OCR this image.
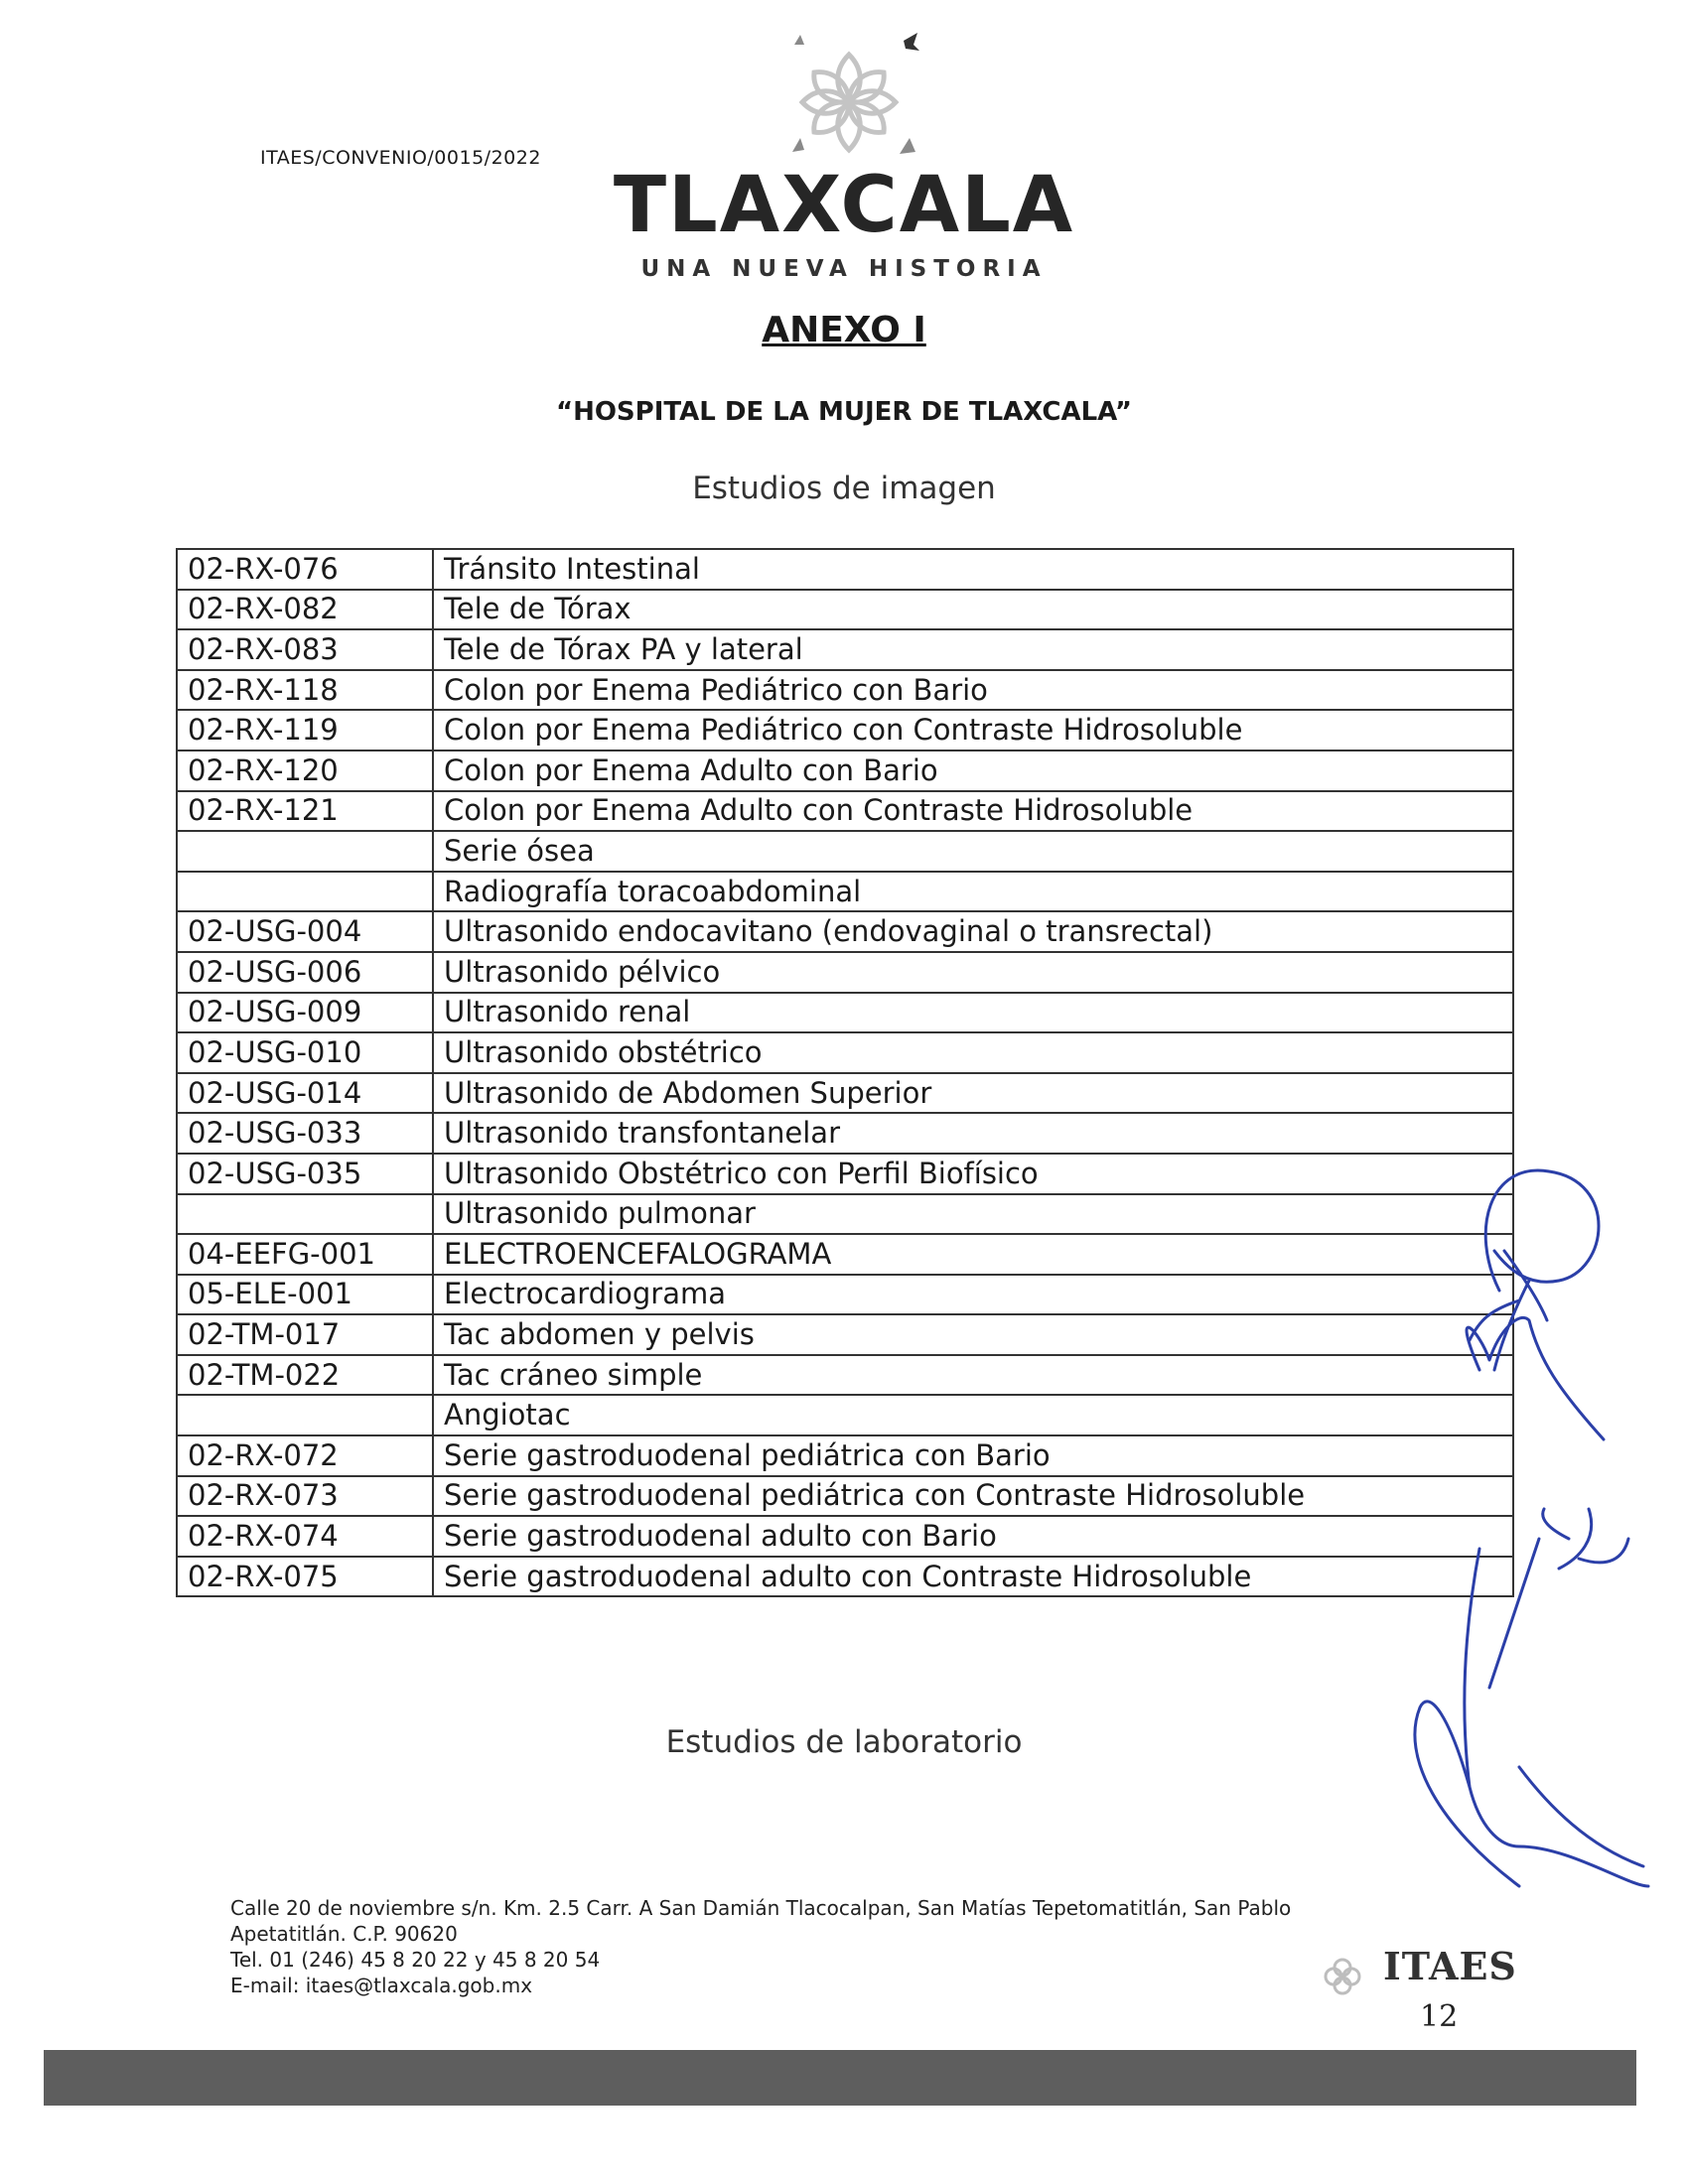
ITAES/CONVENIO/0015/2022
TLAXCALA
UNA NUEVA HISTORIA
ANEXO I
“HOSPITAL DE LA MUJER DE TLAXCALA”
Estudios de imagen
02-RX-076	Tránsito Intestinal
02-RX-082	Tele de Tórax
02-RX-083	Tele de Tórax PA y lateral
02-RX-118	Colon por Enema Pediátrico con Bario
02-RX-119	Colon por Enema Pediátrico con Contraste Hidrosoluble
02-RX-120	Colon por Enema Adulto con Bario
02-RX-121	Colon por Enema Adulto con Contraste Hidrosoluble
	Serie ósea
	Radiografía toracoabdominal
02-USG-004	Ultrasonido endocavitano (endovaginal o transrectal)
02-USG-006	Ultrasonido pélvico
02-USG-009	Ultrasonido renal
02-USG-010	Ultrasonido obstétrico
02-USG-014	Ultrasonido de Abdomen Superior
02-USG-033	Ultrasonido transfontanelar
02-USG-035	Ultrasonido Obstétrico con Perfil Biofísico
	Ultrasonido pulmonar
04-EEFG-001	ELECTROENCEFALOGRAMA
05-ELE-001	Electrocardiograma
02-TM-017	Tac abdomen y pelvis
02-TM-022	Tac cráneo simple
	Angiotac
02-RX-072	Serie gastroduodenal pediátrica con Bario
02-RX-073	Serie gastroduodenal pediátrica con Contraste Hidrosoluble
02-RX-074	Serie gastroduodenal adulto con Bario
02-RX-075	Serie gastroduodenal adulto con Contraste Hidrosoluble
Estudios de laboratorio
Calle 20 de noviembre s/n. Km. 2.5 Carr. A San Damián Tlacocalpan, San Matías Tepetomatitlán, San Pablo
Apetatitlán. C.P. 90620
Tel. 01 (246) 45 8 20 22 y 45 8 20 54
E-mail: itaes@tlaxcala.gob.mx	ITAES
12
